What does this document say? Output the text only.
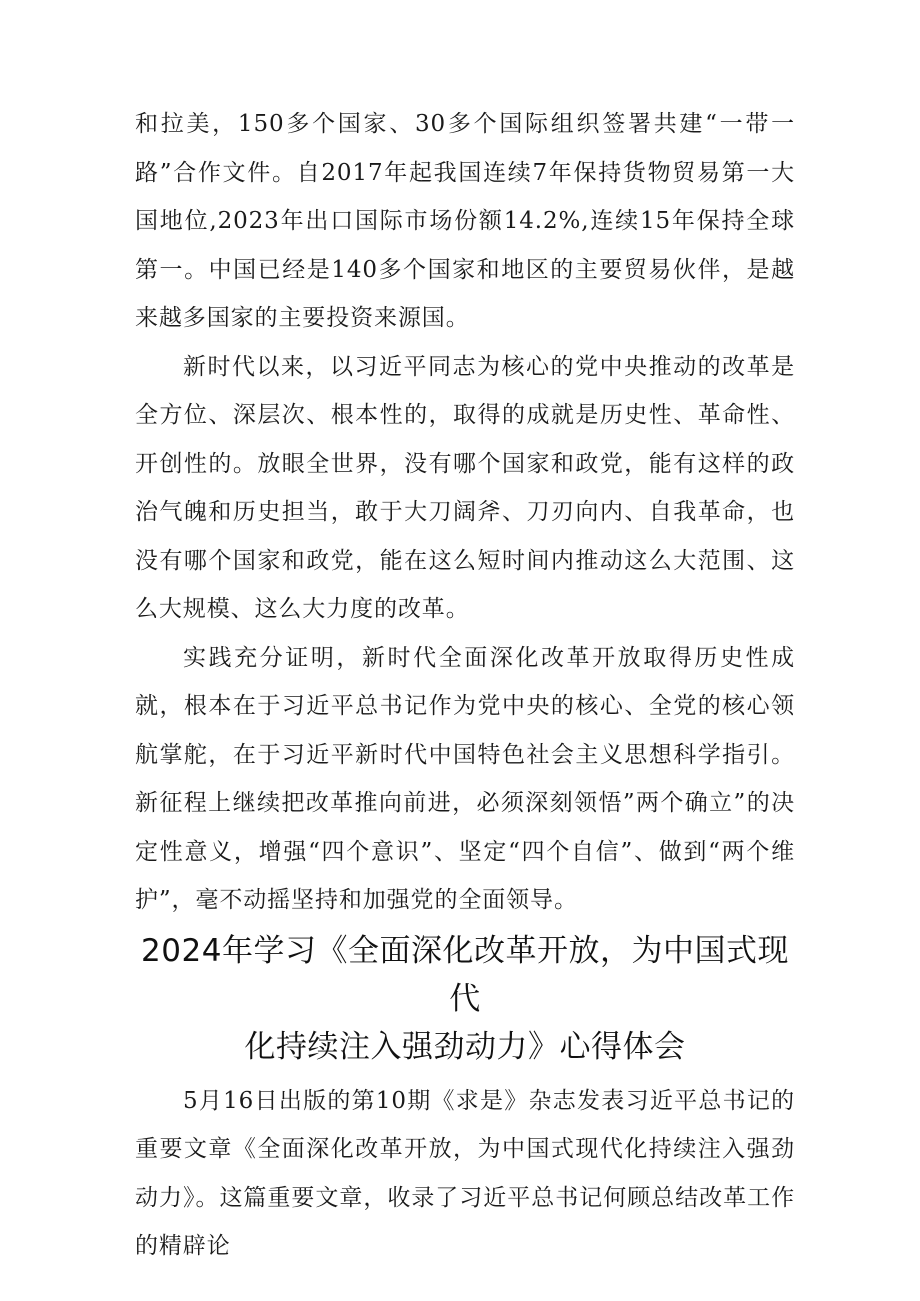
和拉美，150多个国家、30多个国际组织签署共建“一带一路”合作文件。自2017年起我国连续7年保持货物贸易第一大国地位,2023年出口国际市场份额14.2%,连续15年保持全球第一。中国已经是140多个国家和地区的主要贸易伙伴，是越来越多国家的主要投资来源国。

新时代以来，以习近平同志为核心的党中央推动的改革是全方位、深层次、根本性的，取得的成就是历史性、革命性、开创性的。放眼全世界，没有哪个国家和政党，能有这样的政治气魄和历史担当，敢于大刀阔斧、刀刃向内、自我革命，也没有哪个国家和政党，能在这么短时间内推动这么大范围、这么大规模、这么大力度的改革。

实践充分证明，新时代全面深化改革开放取得历史性成就，根本在于习近平总书记作为党中央的核心、全党的核心领航掌舵，在于习近平新时代中国特色社会主义思想科学指引。新征程上继续把改革推向前进，必须深刻领悟”两个确立”的决定性意义，增强“四个意识”、坚定“四个自信”、做到“两个维护”，毫不动摇坚持和加强党的全面领导。

2024年学习《全面深化改革开放，为中国式现代
化持续注入强劲动力》心得体会

5月16日出版的第10期《求是》杂志发表习近平总书记的重要文章《全面深化改革开放，为中国式现代化持续注入强劲动力》。这篇重要文章，收录了习近平总书记何顾总结改革工作的精辟论
